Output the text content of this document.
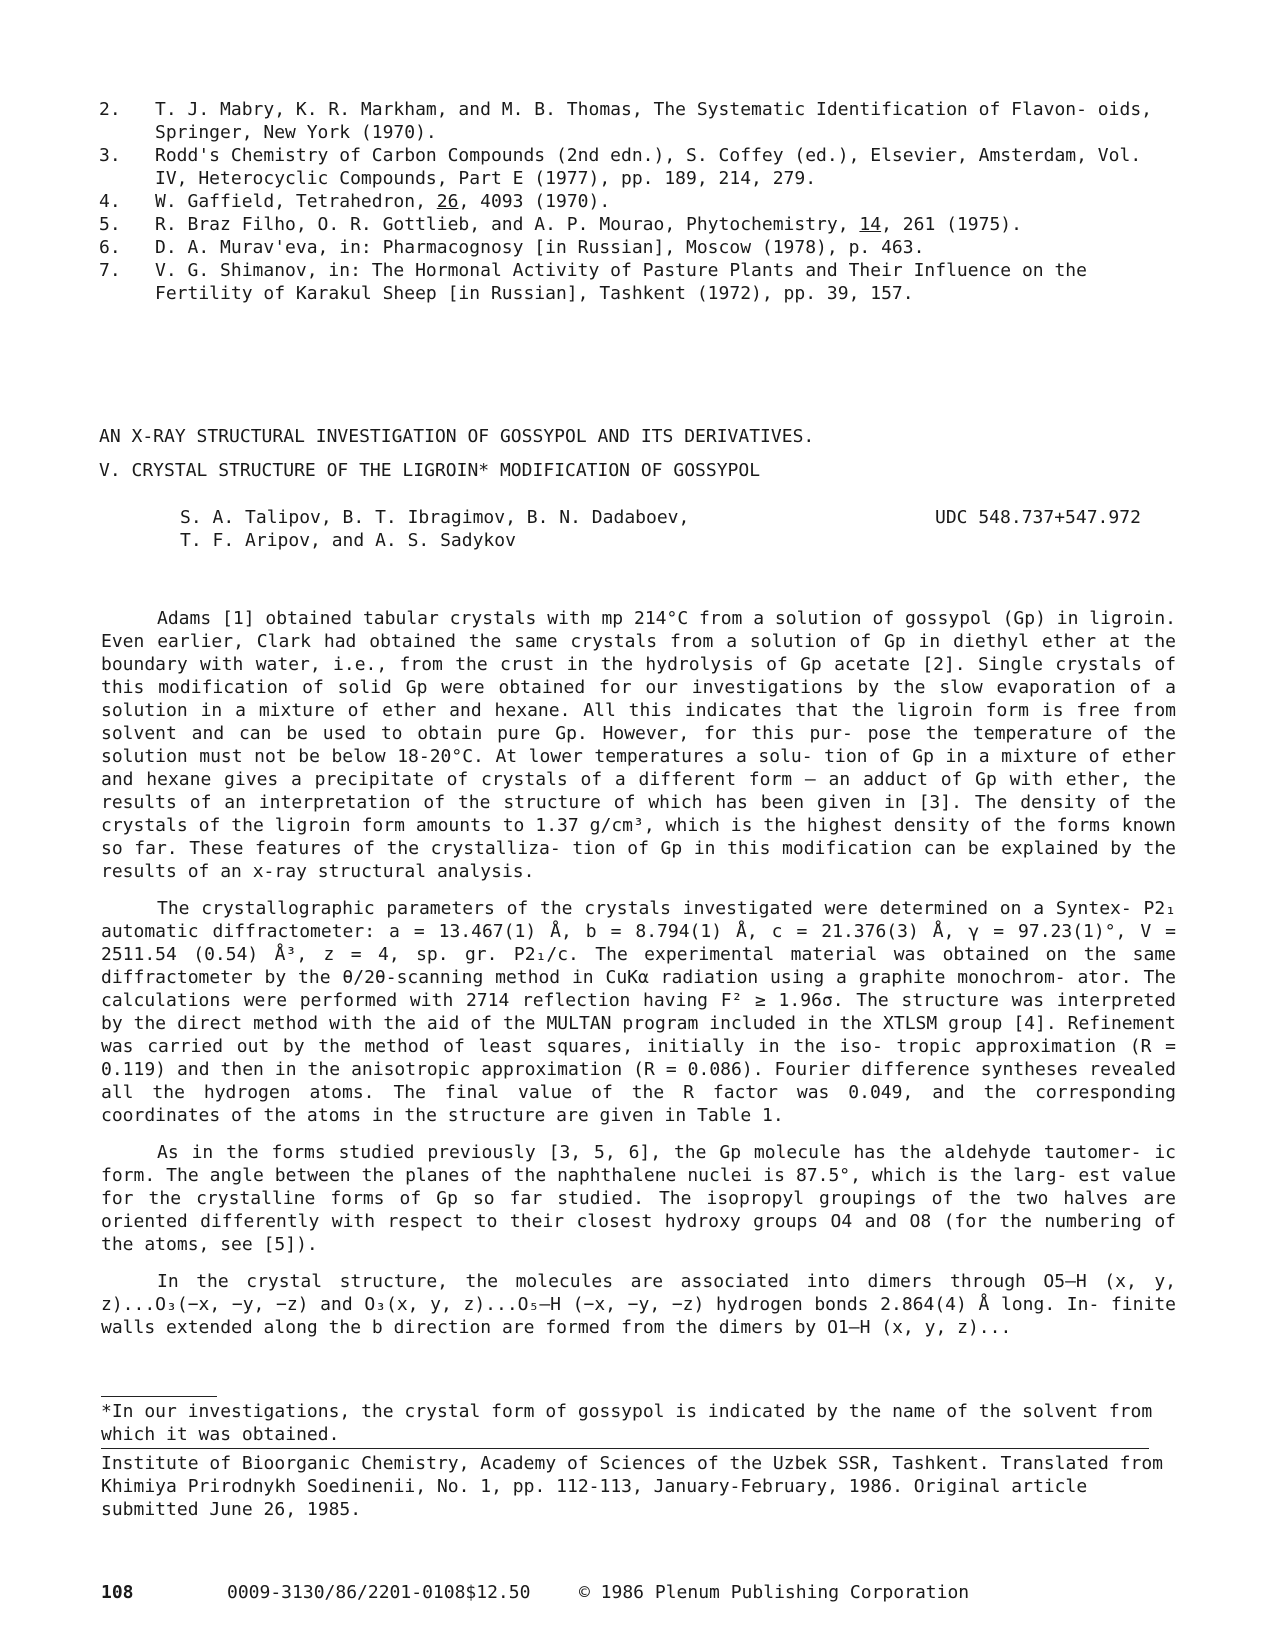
2.	T. J. Mabry, K. R. Markham, and M. B. Thomas, The Systematic Identification of Flavon- oids, Springer, New York (1970).
3.	Rodd's Chemistry of Carbon Compounds (2nd edn.), S. Coffey (ed.), Elsevier, Amsterdam, Vol. IV, Heterocyclic Compounds, Part E (1977), pp. 189, 214, 279.
4.	W. Gaffield, Tetrahedron, 26, 4093 (1970).
5.	R. Braz Filho, O. R. Gottlieb, and A. P. Mourao, Phytochemistry, 14, 261 (1975).
6.	D. A. Murav'eva, in: Pharmacognosy [in Russian], Moscow (1978), p. 463.
7.	V. G. Shimanov, in: The Hormonal Activity of Pasture Plants and Their Influence on the Fertility of Karakul Sheep [in Russian], Tashkent (1972), pp. 39, 157.
AN X-RAY STRUCTURAL INVESTIGATION OF GOSSYPOL AND ITS DERIVATIVES.
V. CRYSTAL STRUCTURE OF THE LIGROIN* MODIFICATION OF GOSSYPOL
S. A. Talipov, B. T. Ibragimov, B. N. Dadaboev,
T. F. Aripov, and A. S. Sadykov
UDC 548.737+547.972

Adams [1] obtained tabular crystals with mp 214°C from a solution of gossypol (Gp) in ligroin. Even earlier, Clark had obtained the same crystals from a solution of Gp in diethyl ether at the boundary with water, i.e., from the crust in the hydrolysis of Gp acetate [2]. Single crystals of this modification of solid Gp were obtained for our investigations by the slow evaporation of a solution in a mixture of ether and hexane. All this indicates that the ligroin form is free from solvent and can be used to obtain pure Gp. However, for this pur- pose the temperature of the solution must not be below 18-20°C. At lower temperatures a solu- tion of Gp in a mixture of ether and hexane gives a precipitate of crystals of a different form — an adduct of Gp with ether, the results of an interpretation of the structure of which has been given in [3]. The density of the crystals of the ligroin form amounts to 1.37 g/cm³, which is the highest density of the forms known so far. These features of the crystalliza- tion of Gp in this modification can be explained by the results of an x-ray structural analysis.

The crystallographic parameters of the crystals investigated were determined on a Syntex- P2₁ automatic diffractometer: a = 13.467(1) Å, b = 8.794(1) Å, c = 21.376(3) Å, γ = 97.23(1)°, V = 2511.54 (0.54) Å³, z = 4, sp. gr. P2₁/c. The experimental material was obtained on the same diffractometer by the θ/2θ-scanning method in CuKα radiation using a graphite monochrom- ator. The calculations were performed with 2714 reflection having F² ≥ 1.96σ. The structure was interpreted by the direct method with the aid of the MULTAN program included in the XTLSM group [4]. Refinement was carried out by the method of least squares, initially in the iso- tropic approximation (R = 0.119) and then in the anisotropic approximation (R = 0.086). Fourier difference syntheses revealed all the hydrogen atoms. The final value of the R factor was 0.049, and the corresponding coordinates of the atoms in the structure are given in Table 1.

As in the forms studied previously [3, 5, 6], the Gp molecule has the aldehyde tautomer- ic form. The angle between the planes of the naphthalene nuclei is 87.5°, which is the larg- est value for the crystalline forms of Gp so far studied. The isopropyl groupings of the two halves are oriented differently with respect to their closest hydroxy groups O4 and O8 (for the numbering of the atoms, see [5]).

In the crystal structure, the molecules are associated into dimers through O5—H (x, y, z)...O₃(−x, −y, −z) and O₃(x, y, z)...O₅—H (−x, −y, −z) hydrogen bonds 2.864(4) Å long. In- finite walls extended along the b direction are formed from the dimers by O1—H (x, y, z)...

*In our investigations, the crystal form of gossypol is indicated by the name of the solvent from which it was obtained.
Institute of Bioorganic Chemistry, Academy of Sciences of the Uzbek SSR, Tashkent. Translated from Khimiya Prirodnykh Soedinenii, No. 1, pp. 112-113, January-February, 1986. Original article submitted June 26, 1985.
108	0009-3130/86/2201-0108$12.50	© 1986 Plenum Publishing Corporation
